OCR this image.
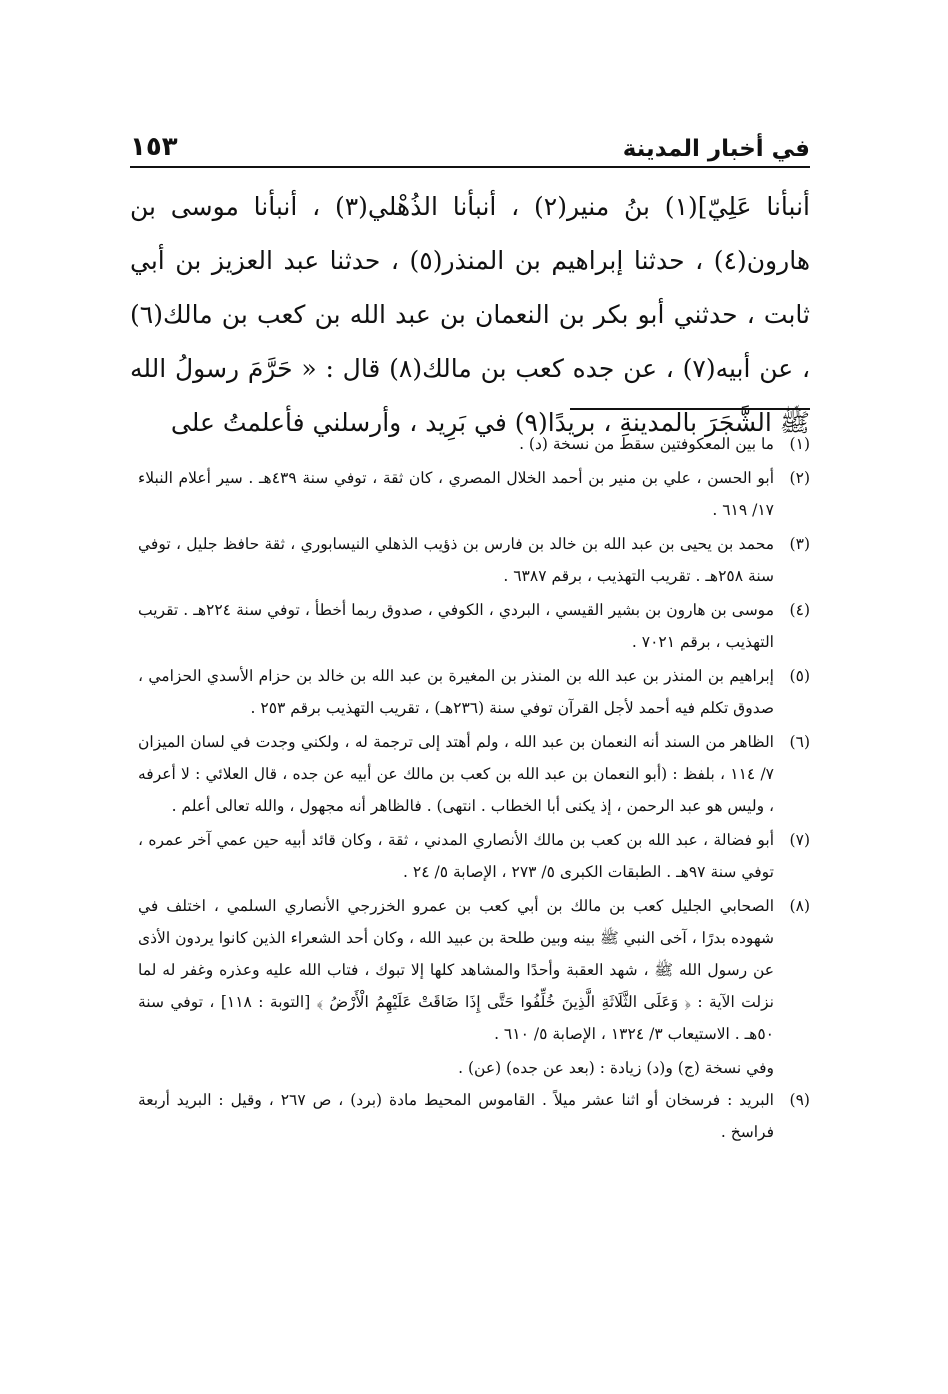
في أخبار المدينة
١٥٣

أنبأنا عَلِيّ](١) بنُ منير(٢) ، أنبأنا الذُهْلي(٣) ، أنبأنا موسى بن هارون(٤) ، حدثنا إبراهيم بن المنذر(٥) ، حدثنا عبد العزيز بن أبي ثابت ، حدثني أبو بكر بن النعمان بن عبد الله بن كعب بن مالك(٦) ، عن أبيه(٧) ، عن جده كعب بن مالك(٨) قال : « حَرَّمَ رسولُ الله ﷺ الشَّجَرَ بالمدينةِ ، بريدًا(٩) في بَرِيد ، وأرسلني فأعلمتُ على

(١)ما بين المعكوفتين سقط من نسخة (د) .
(٢)أبو الحسن ، علي بن منير بن أحمد الخلال المصري ، كان ثقة ، توفي سنة ٤٣٩هـ . سير أعلام النبلاء ١٧/ ٦١٩ .
(٣)محمد بن يحيى بن عبد الله بن خالد بن فارس بن ذؤيب الذهلي النيسابوري ، ثقة حافظ جليل ، توفي سنة ٢٥٨هـ . تقريب التهذيب ، برقم ٦٣٨٧ .
(٤)موسى بن هارون بن بشير القيسي ، البردي ، الكوفي ، صدوق ربما أخطأ ، توفي سنة ٢٢٤هـ . تقريب التهذيب ، برقم ٧٠٢١ .
(٥)إبراهيم بن المنذر بن عبد الله بن المنذر بن المغيرة بن عبد الله بن خالد بن حزام الأسدي الحزامي ، صدوق تكلم فيه أحمد لأجل القرآن توفي سنة (٢٣٦هـ) ، تقريب التهذيب برقم ٢٥٣ .
(٦)الظاهر من السند أنه النعمان بن عبد الله ، ولم أهتد إلى ترجمة له ، ولكني وجدت في لسان الميزان ٧/ ١١٤ ، بلفظ : (أبو النعمان بن عبد الله بن كعب بن مالك عن أبيه عن جده ، قال العلائي : لا أعرفه ، وليس هو عبد الرحمن ، إذ يكنى أبا الخطاب . انتهى) . فالظاهر أنه مجهول ، والله تعالى أعلم .
(٧)أبو فضالة ، عبد الله بن كعب بن مالك الأنصاري المدني ، ثقة ، وكان قائد أبيه حين عمي آخر عمره ، توفي سنة ٩٧هـ . الطبقات الكبرى ٥/ ٢٧٣ ، الإصابة ٥/ ٢٤ .
(٨)الصحابي الجليل كعب بن مالك بن أبي كعب بن عمرو الخزرجي الأنصاري السلمي ، اختلف في شهوده بدرًا ، آخى النبي ﷺ بينه وبين طلحة بن عبيد الله ، وكان أحد الشعراء الذين كانوا يردون الأذى عن رسول الله ﷺ ، شهد العقبة وأحدًا والمشاهد كلها إلا تبوك ، فتاب الله عليه وعذره وغفر له لما نزلت الآية : ﴿ وَعَلَى الثَّلَاثَةِ الَّذِينَ خُلِّفُوا حَتَّى إِذَا ضَاقَتْ عَلَيْهِمُ الْأَرْضُ ﴾ [التوبة : ١١٨] ، توفي سنة ٥٠هـ . الاستيعاب ٣/ ١٣٢٤ ، الإصابة ٥/ ٦١٠ .
وفي نسخة (ج) و(د) زيادة : (بعد عن جده) (عن) .
(٩)البريد : فرسخان أو اثنا عشر ميلاً . القاموس المحيط مادة (برد) ، ص ٢٦٧ ، وقيل : البريد أربعة فراسخ .
